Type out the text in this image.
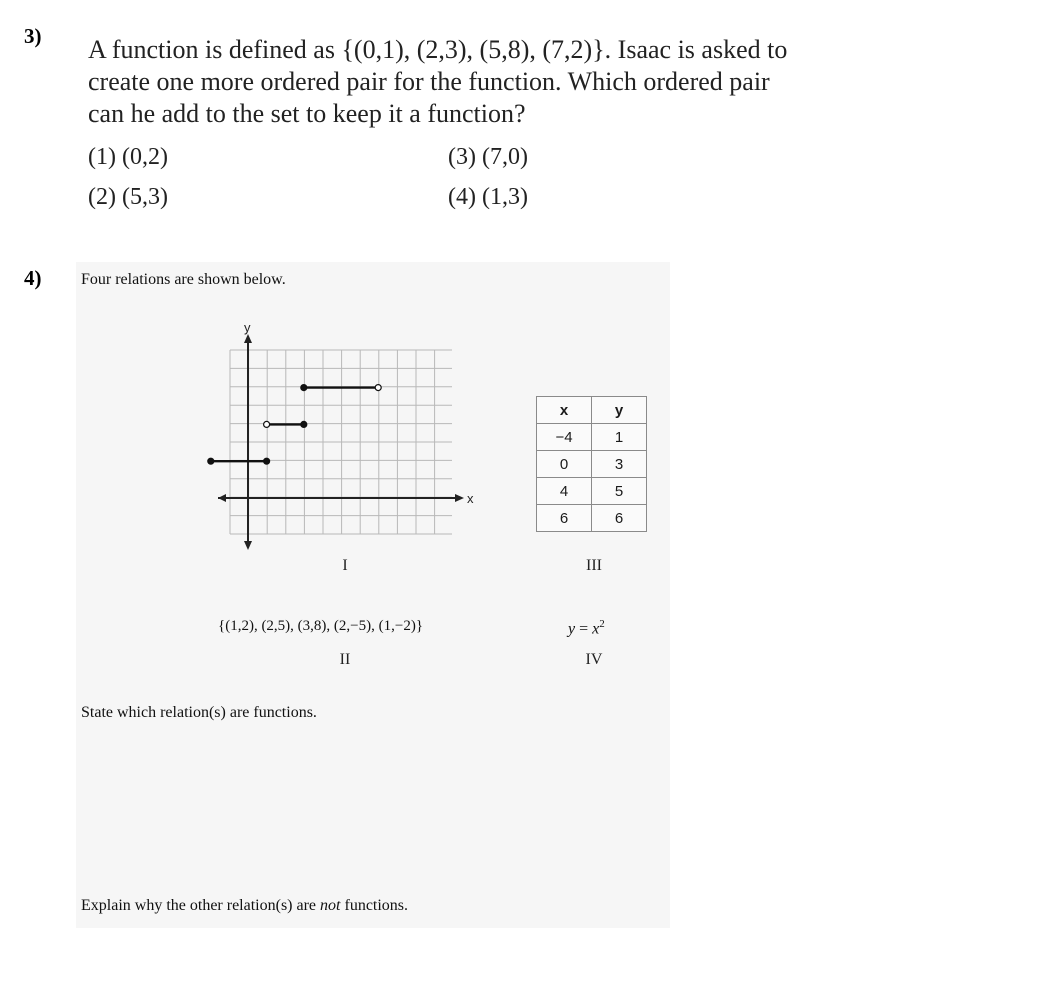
3) A function is defined as {(0,1), (2,3), (5,8), (7,2)}. Isaac is asked to
create one more ordered pair for the function. Which ordered pair
can he add to the set to keep it a function?
(1) (0,2)	(3) (7,0)
(2) (5,3)	(4) (1,3)
4) Four relations are shown below.
x
y
I
{(1,2), (2,5), (3,8), (2,−5), (1,−2)}
II
x	y
−4	1
0	3
4	5
6	6
III
$y = x^2$
IV
State which relation(s) are functions.
Explain why the other relation(s) are not functions.
